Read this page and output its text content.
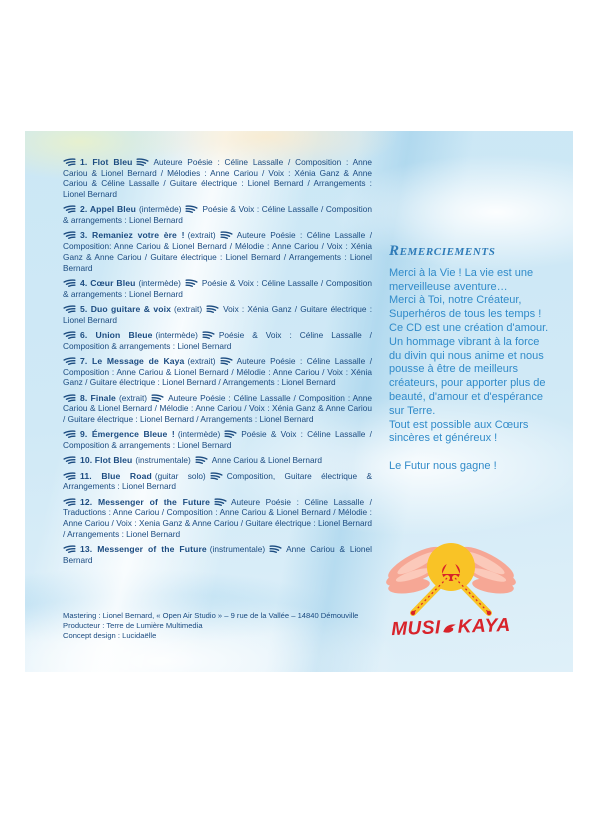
1. Flot Bleu	Auteure Poésie : Céline Lassalle / Composition : Anne Cariou & Lionel Bernard / Mélodies : Anne Cariou / Voix : Xénia Ganz & Anne Cariou & Céline Lassalle / Guitare électrique : Lionel Bernard / Arrangements : Lionel Bernard

2. Appel Bleu (intermède)	Poésie & Voix : Céline Lassalle / Composition & arrangements : Lionel Bernard

3. Remaniez votre ère ! (extrait)	Auteure Poésie : Céline Lassalle / Composition: Anne Cariou & Lionel Bernard / Mélodie : Anne Cariou / Voix : Xénia Ganz & Anne Cariou / Guitare électrique : Lionel Bernard / Arrangements : Lionel Bernard

4. Cœur Bleu (intermède)	Poésie & Voix : Céline Lassalle / Composition & arrangements : Lionel Bernard

5. Duo guitare & voix (extrait)	Voix : Xénia Ganz / Guitare électrique : Lionel Bernard

6. Union Bleue (intermède)	Poésie & Voix : Céline Lassalle / Composition & arrangements : Lionel Bernard

7. Le Message de Kaya (extrait)	Auteure Poésie : Céline Lassalle / Composition : Anne Cariou & Lionel Bernard / Mélodie : Anne Cariou / Voix : Xénia Ganz / Guitare électrique : Lionel Bernard / Arrangements : Lionel Bernard

8. Finale (extrait)	Auteure Poésie : Céline Lassalle / Composition : Anne Cariou & Lionel Bernard / Mélodie : Anne Cariou / Voix : Xénia Ganz & Anne Cariou / Guitare électrique : Lionel Bernard / Arrangements : Lionel Bernard

9. Émergence Bleue ! (intermède)	Poésie & Voix : Céline Lassalle / Composition & arrangements : Lionel Bernard

10. Flot Bleu (instrumentale)	Anne Cariou & Lionel Bernard

11. Blue Road (guitar solo)	Composition, Guitare électrique & Arrangements : Lionel Bernard

12. Messenger of the Future	Auteure Poésie : Céline Lassalle / Traductions : Anne Cariou / Composition : Anne Cariou & Lionel Bernard / Mélodie : Anne Cariou / Voix : Xenia Ganz & Anne Cariou / Guitare électrique : Lionel Bernard / Arrangements : Lionel Bernard

13. Messenger of the Future (instrumentale)	Anne Cariou & Lionel Bernard

Mastering : Lionel Bernard, « Open Air Studio » – 9 rue de la Vallée – 14840 Démouville

Producteur : Terre de Lumière Multimedia

Concept design : Lucidaëlle

Remerciements

Merci à la Vie ! La vie est une merveilleuse aventure…

Merci à Toi, notre Créateur, Superhéros de tous les temps !

Ce CD est une création d'amour. Un hommage vibrant à la force du divin qui nous anime et nous pousse à être de meilleurs créateurs, pour apporter plus de beauté, d'amour et d'espérance sur Terre.

Tout est possible aux Cœurs sincères et généreux !

Le Futur nous gagne !

MUSI KAYA
